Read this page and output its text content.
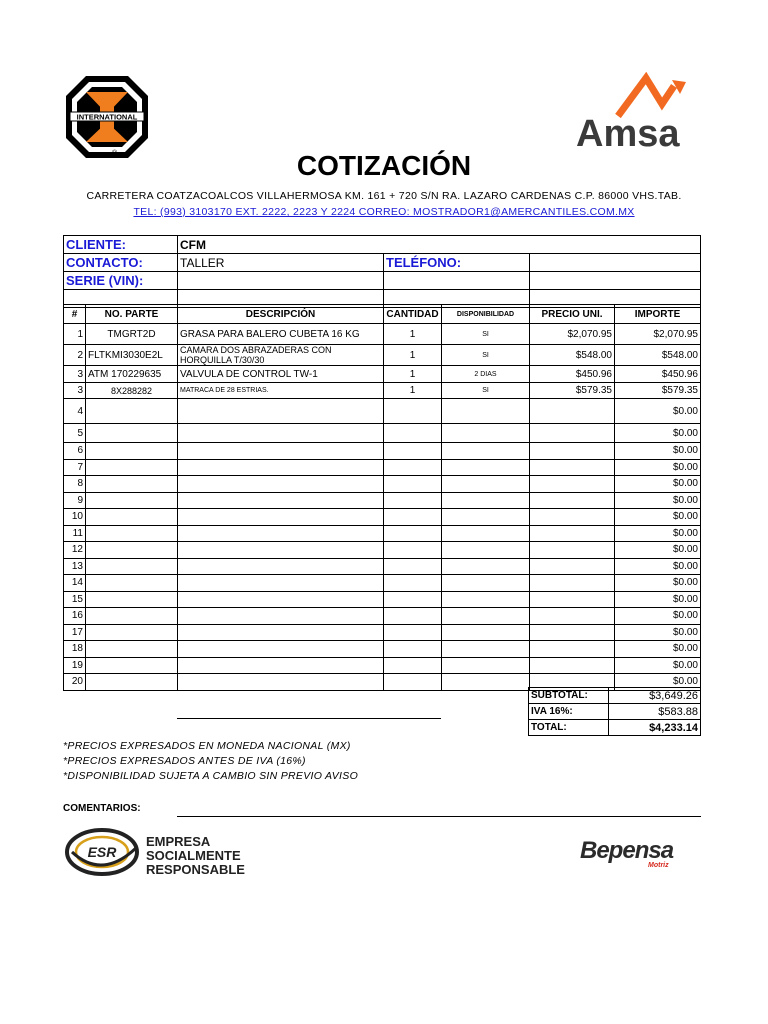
INTERNATIONAL
®	Amsa
COTIZACIÓN
CARRETERA COATZACOALCOS VILLAHERMOSA KM. 161 + 720 S/N RA. LAZARO CARDENAS C.P. 86000 VHS.TAB.
TEL: (993) 3103170 EXT. 2222, 2223 Y 2224 CORREO: MOSTRADOR1@AMERCANTILES.COM.MX
CLIENTE:	CFM		
CONTACTO:	TALLER	TELÉFONO:	
SERIE (VIN):			

#	NO. PARTE	DESCRIPCIÓN	CANTIDAD	DISPONIBILIDAD	PRECIO UNI.	IMPORTE
1	TMGRT2D	GRASA PARA BALERO CUBETA 16 KG	1	SI	$2,070.95	$2,070.95
2	FLTKMI3030E2L	CAMARA DOS ABRAZADERAS CON
HORQUILLA T/30/30	1	SI	$548.00	$548.00
3	ATM 170229635	VALVULA DE CONTROL TW-1	1	2 DIAS	$450.96	$450.96
3	8X288282	MATRACA DE 28 ESTRIAS.	1	SI	$579.35	$579.35
4						$0.00
5						$0.00
6						$0.00
7						$0.00
8						$0.00
9						$0.00
10						$0.00
11						$0.00
12						$0.00
13						$0.00
14						$0.00
15						$0.00
16						$0.00
17						$0.00
18						$0.00
19						$0.00
20						$0.00
SUBTOTAL:	$3,649.26
IVA 16%:	$583.88
TOTAL:	$4,233.14
*PRECIOS EXPRESADOS EN MONEDA NACIONAL (MX)
*PRECIOS EXPRESADOS ANTES DE IVA (16%)
*DISPONIBILIDAD SUJETA A CAMBIO SIN PREVIO AVISO
COMENTARIOS:
ESR
EMPRESA
SOCIALMENTE
RESPONSABLE
Bepensa
Motriz
